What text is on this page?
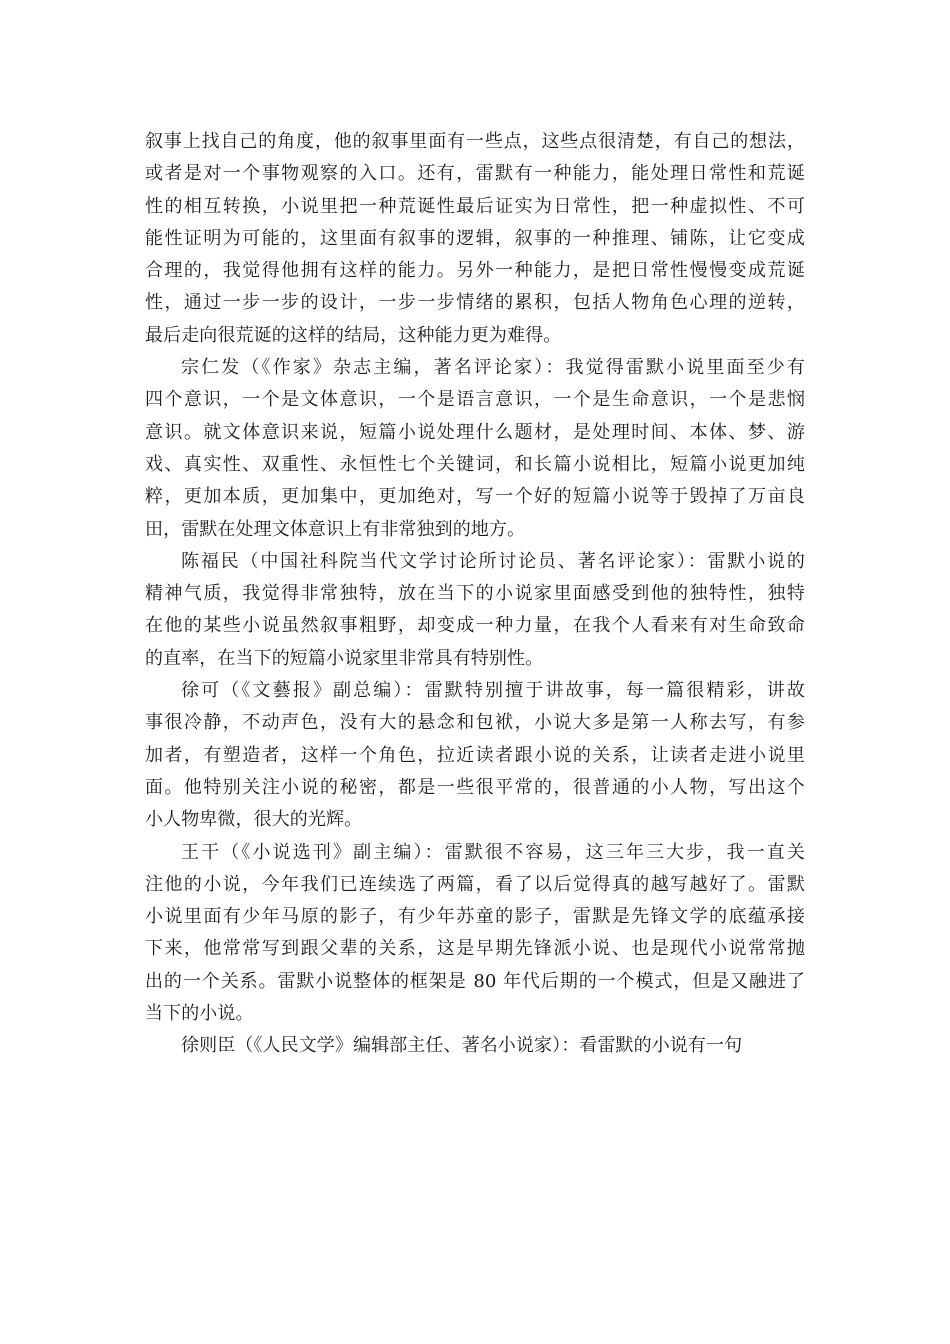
叙事上找自己的角度，他的叙事里面有一些点，这些点很清楚，有自己的想法，
或者是对一个事物观察的入口。还有，雷默有一种能力，能处理日常性和荒诞
性的相互转换，小说里把一种荒诞性最后证实为日常性，把一种虚拟性、不可
能性证明为可能的，这里面有叙事的逻辑，叙事的一种推理、铺陈，让它变成
合理的，我觉得他拥有这样的能力。另外一种能力，是把日常性慢慢变成荒诞
性，通过一步一步的设计，一步一步情绪的累积，包括人物角色心理的逆转，
最后走向很荒诞的这样的结局，这种能力更为难得。
宗仁发（《作家》杂志主编，著名评论家）：我觉得雷默小说里面至少有
四个意识，一个是文体意识，一个是语言意识，一个是生命意识，一个是悲悯
意识。就文体意识来说，短篇小说处理什么题材，是处理时间、本体、梦、游
戏、真实性、双重性、永恒性七个关键词，和长篇小说相比，短篇小说更加纯
粹，更加本质，更加集中，更加绝对，写一个好的短篇小说等于毁掉了万亩良
田，雷默在处理文体意识上有非常独到的地方。
陈福民（中国社科院当代文学讨论所讨论员、著名评论家）：雷默小说的
精神气质，我觉得非常独特，放在当下的小说家里面感受到他的独特性，独特
在他的某些小说虽然叙事粗野，却变成一种力量，在我个人看来有对生命致命
的直率，在当下的短篇小说家里非常具有特别性。
徐可（《文藝报》副总编）：雷默特别擅于讲故事，每一篇很精彩，讲故
事很冷静，不动声色，没有大的悬念和包袱，小说大多是第一人称去写，有参
加者，有塑造者，这样一个角色，拉近读者跟小说的关系，让读者走进小说里
面。他特别关注小说的秘密，都是一些很平常的，很普通的小人物，写出这个
小人物卑微，很大的光辉。
王干（《小说选刊》副主编）：雷默很不容易，这三年三大步，我一直关
注他的小说，今年我们已连续选了两篇，看了以后觉得真的越写越好了。雷默
小说里面有少年马原的影子，有少年苏童的影子，雷默是先锋文学的底蕴承接
下来，他常常写到跟父辈的关系，这是早期先锋派小说、也是现代小说常常抛
出的一个关系。雷默小说整体的框架是 80 年代后期的一个模式，但是又融进了
当下的小说。
徐则臣（《人民文学》编辑部主任、著名小说家）：看雷默的小说有一句
